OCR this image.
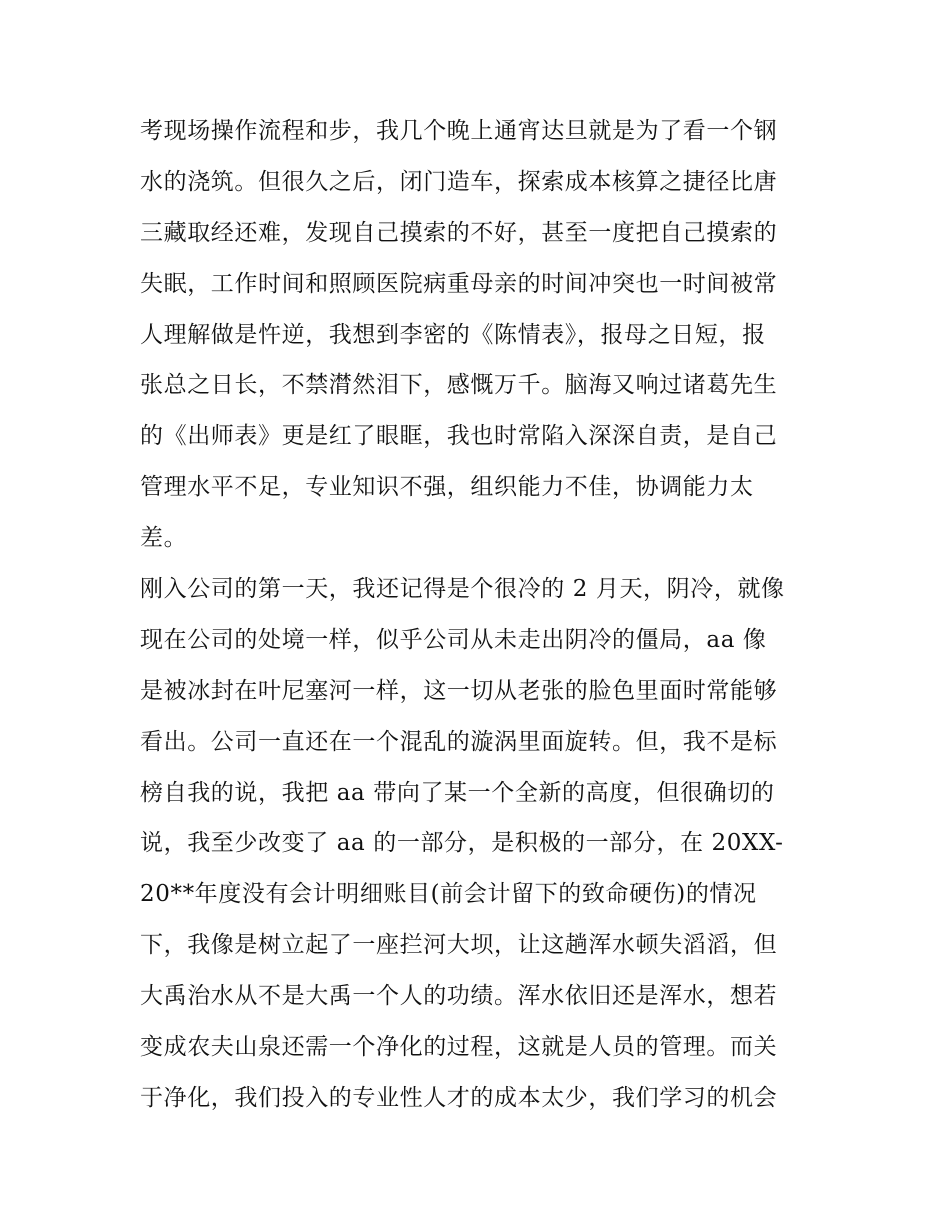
考现场操作流程和步，我几个晚上通宵达旦就是为了看一个钢
水的浇筑。但很久之后，闭门造车，探索成本核算之捷径比唐
三藏取经还难，发现自己摸索的不好，甚至一度把自己摸索的
失眠，工作时间和照顾医院病重母亲的时间冲突也一时间被常
人理解做是忤逆，我想到李密的《陈情表》，报母之日短，报
张总之日长，不禁潸然泪下，感慨万千。脑海又响过诸葛先生
的《出师表》更是红了眼眶，我也时常陷入深深自责，是自己
管理水平不足，专业知识不强，组织能力不佳，协调能力太
差。
刚入公司的第一天，我还记得是个很冷的 2 月天，阴冷，就像
现在公司的处境一样，似乎公司从未走出阴冷的僵局，aa 像
是被冰封在叶尼塞河一样，这一切从老张的脸色里面时常能够
看出。公司一直还在一个混乱的漩涡里面旋转。但，我不是标
榜自我的说，我把 aa 带向了某一个全新的高度，但很确切的
说，我至少改变了 aa 的一部分，是积极的一部分，在 20XX-
20**年度没有会计明细账目(前会计留下的致命硬伤)的情况
下，我像是树立起了一座拦河大坝，让这趟浑水顿失滔滔，但
大禹治水从不是大禹一个人的功绩。浑水依旧还是浑水，想若
变成农夫山泉还需一个净化的过程，这就是人员的管理。而关
于净化，我们投入的专业性人才的成本太少，我们学习的机会
